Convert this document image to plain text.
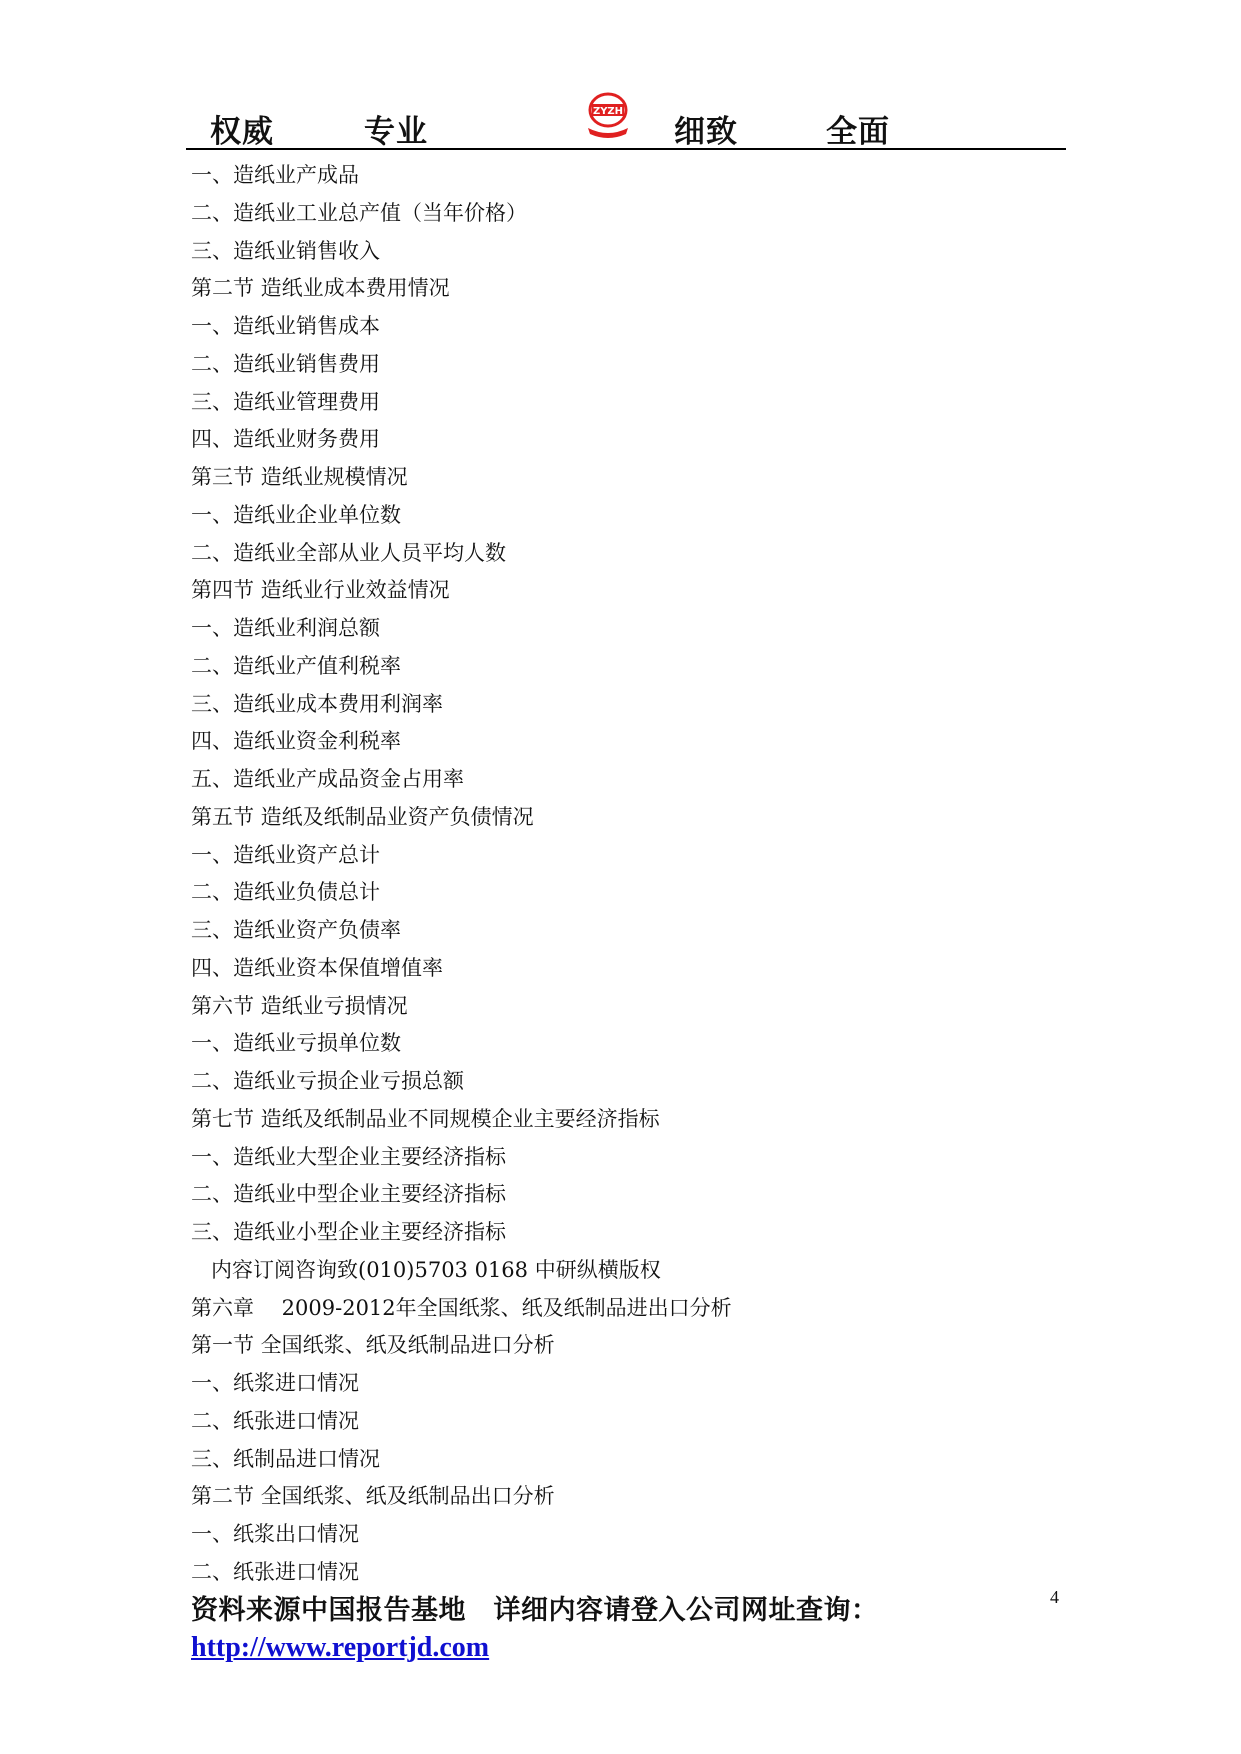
权威	专业
ZYZH
细致	全面
一、造纸业产成品
二、造纸业工业总产值（当年价格）
三、造纸业销售收入
第二节 造纸业成本费用情况
一、造纸业销售成本
二、造纸业销售费用
三、造纸业管理费用
四、造纸业财务费用
第三节 造纸业规模情况
一、造纸业企业单位数
二、造纸业全部从业人员平均人数
第四节 造纸业行业效益情况
一、造纸业利润总额
二、造纸业产值利税率
三、造纸业成本费用利润率
四、造纸业资金利税率
五、造纸业产成品资金占用率
第五节 造纸及纸制品业资产负债情况
一、造纸业资产总计
二、造纸业负债总计
三、造纸业资产负债率
四、造纸业资本保值增值率
第六节 造纸业亏损情况
一、造纸业亏损单位数
二、造纸业亏损企业亏损总额
第七节 造纸及纸制品业不同规模企业主要经济指标
一、造纸业大型企业主要经济指标
二、造纸业中型企业主要经济指标
三、造纸业小型企业主要经济指标
内容订阅咨询致(010)5703 0168 中研纵横版权
第六章　 2009-2012年全国纸浆、纸及纸制品进出口分析
第一节 全国纸浆、纸及纸制品进口分析
一、纸浆进口情况
二、纸张进口情况
三、纸制品进口情况
第二节 全国纸浆、纸及纸制品出口分析
一、纸浆出口情况
二、纸张进口情况
资料来源中国报告基地　详细内容请登入公司网址查询：
http://www.reportjd.com
4
